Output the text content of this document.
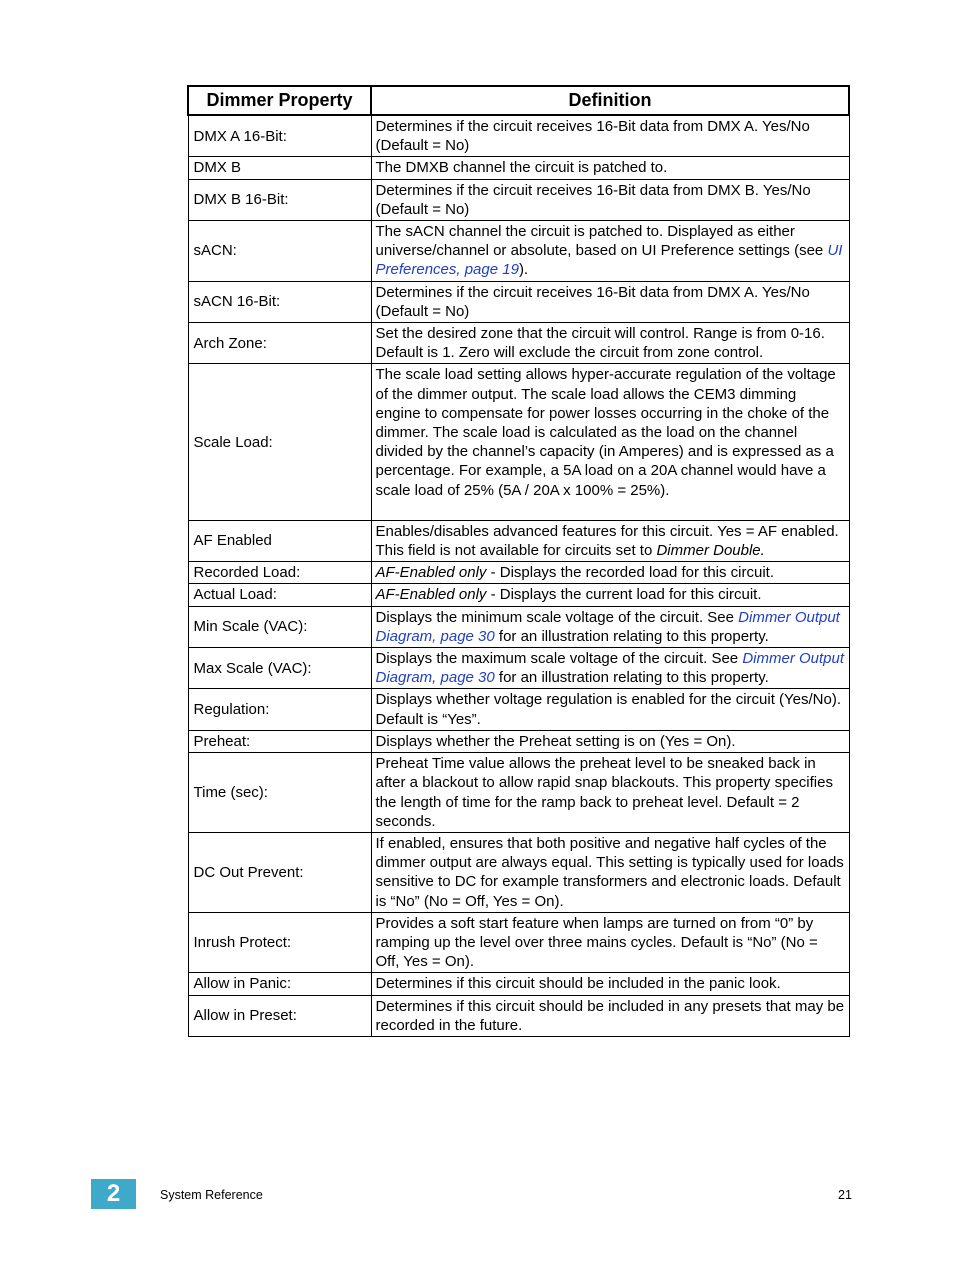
Dimmer Property	Definition
DMX A 16-Bit:	Determines if the circuit receives 16-Bit data from DMX A. Yes/No (Default = No)
DMX B	The DMXB channel the circuit is patched to.
DMX B 16-Bit:	Determines if the circuit receives 16-Bit data from DMX B. Yes/No (Default = No)
sACN:	The sACN channel the circuit is patched to. Displayed as either universe/channel or absolute, based on UI Preference settings (see UI Preferences, page 19).
sACN 16-Bit:	Determines if the circuit receives 16-Bit data from DMX A. Yes/No (Default = No)
Arch Zone:	Set the desired zone that the circuit will control. Range is from 0-16. Default is 1. Zero will exclude the circuit from zone control.
Scale Load:	The scale load setting allows hyper-accurate regulation of the voltage of the dimmer output. The scale load allows the CEM3 dimming engine to compensate for power losses occurring in the choke of the dimmer. The scale load is calculated as the load on the channel divided by the channel’s capacity (in Amperes) and is expressed as a percentage. For example, a 5A load on a 20A channel would have a scale load of 25% (5A / 20A x 100% = 25%).
AF Enabled	Enables/disables advanced features for this circuit. Yes = AF enabled. This field is not available for circuits set to Dimmer Double.
Recorded Load:	AF-Enabled only - Displays the recorded load for this circuit.
Actual Load:	AF-Enabled only - Displays the current load for this circuit.
Min Scale (VAC):	Displays the minimum scale voltage of the circuit. See Dimmer Output Diagram, page 30 for an illustration relating to this property.
Max Scale (VAC):	Displays the maximum scale voltage of the circuit. See Dimmer Output Diagram, page 30 for an illustration relating to this property.
Regulation:	Displays whether voltage regulation is enabled for the circuit (Yes/No). Default is “Yes”.
Preheat:	Displays whether the Preheat setting is on (Yes = On).
Time (sec):	Preheat Time value allows the preheat level to be sneaked back in after a blackout to allow rapid snap blackouts. This property specifies the length of time for the ramp back to preheat level. Default = 2 seconds.
DC Out Prevent:	If enabled, ensures that both positive and negative half cycles of the dimmer output are always equal. This setting is typically used for loads sensitive to DC for example transformers and electronic loads. Default is “No” (No = Off, Yes = On).
Inrush Protect:	Provides a soft start feature when lamps are turned on from “0” by ramping up the level over three mains cycles. Default is “No” (No = Off, Yes = On).
Allow in Panic:	Determines if this circuit should be included in the panic look.
Allow in Preset:	Determines if this circuit should be included in any presets that may be recorded in the future.
2	System Reference	21
